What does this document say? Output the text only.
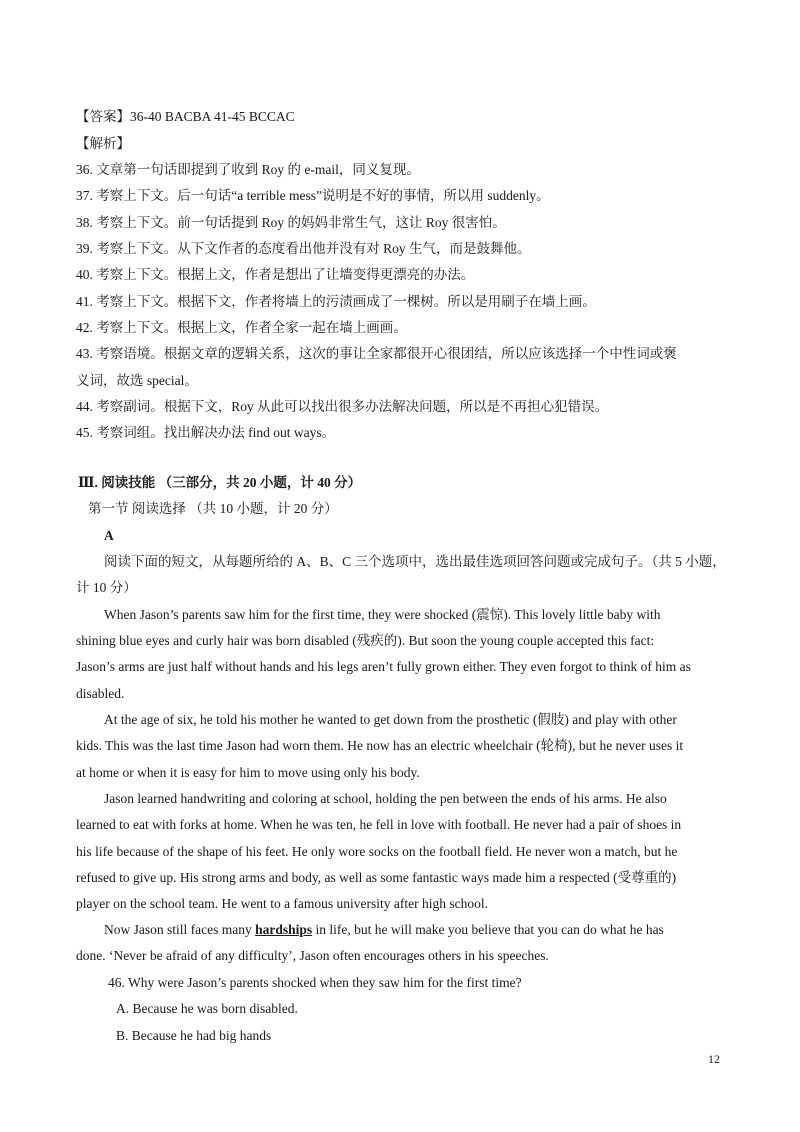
【答案】36-40 BACBA 41-45 BCCAC
【解析】
36. 文章第一句话即提到了收到 Roy 的 e-mail，同义复现。
37. 考察上下文。后一句话“a terrible mess”说明是不好的事情，所以用 suddenly。
38. 考察上下文。前一句话提到 Roy 的妈妈非常生气，这让 Roy 很害怕。
39. 考察上下文。从下文作者的态度看出他并没有对 Roy 生气，而是鼓舞他。
40. 考察上下文。根据上文，作者是想出了让墙变得更漂亮的办法。
41. 考察上下文。根据下文，作者将墙上的污渍画成了一棵树。所以是用刷子在墙上画。
42. 考察上下文。根据上文，作者全家一起在墙上画画。
43. 考察语境。根据文章的逻辑关系，这次的事让全家都很开心很团结，所以应该选择一个中性词或褒
义词，故选 special。
44. 考察副词。根据下文，Roy 从此可以找出很多办法解决问题，所以是不再担心犯错误。
45. 考察词组。找出解决办法 find out ways。
Ⅲ. 阅读技能 （三部分，共 20 小题，计 40 分）
第一节 阅读选择 （共 10 小题，计 20 分）
A
阅读下面的短文，从每题所给的 A、B、C 三个选项中，选出最佳选项回答问题或完成句子。（共 5 小题，
计 10 分）
When Jason’s parents saw him for the first time, they were shocked (震惊). This lovely little baby with
shining blue eyes and curly hair was born disabled (残疾的). But soon the young couple accepted this fact:
Jason’s arms are just half without hands and his legs aren’t fully grown either. They even forgot to think of him as
disabled.
At the age of six, he told his mother he wanted to get down from the prosthetic (假肢) and play with other
kids. This was the last time Jason had worn them. He now has an electric wheelchair (轮椅), but he never uses it
at home or when it is easy for him to move using only his body.
Jason learned handwriting and coloring at school, holding the pen between the ends of his arms. He also
learned to eat with forks at home. When he was ten, he fell in love with football. He never had a pair of shoes in
his life because of the shape of his feet. He only wore socks on the football field. He never won a match, but he
refused to give up. His strong arms and body, as well as some fantastic ways made him a respected (受尊重的)
player on the school team. He went to a famous university after high school.
Now Jason still faces many hardships in life, but he will make you believe that you can do what he has
done. ‘Never be afraid of any difficulty’, Jason often encourages others in his speeches.
46. Why were Jason’s parents shocked when they saw him for the first time?
A. Because he was born disabled.
B. Because he had big hands
12
